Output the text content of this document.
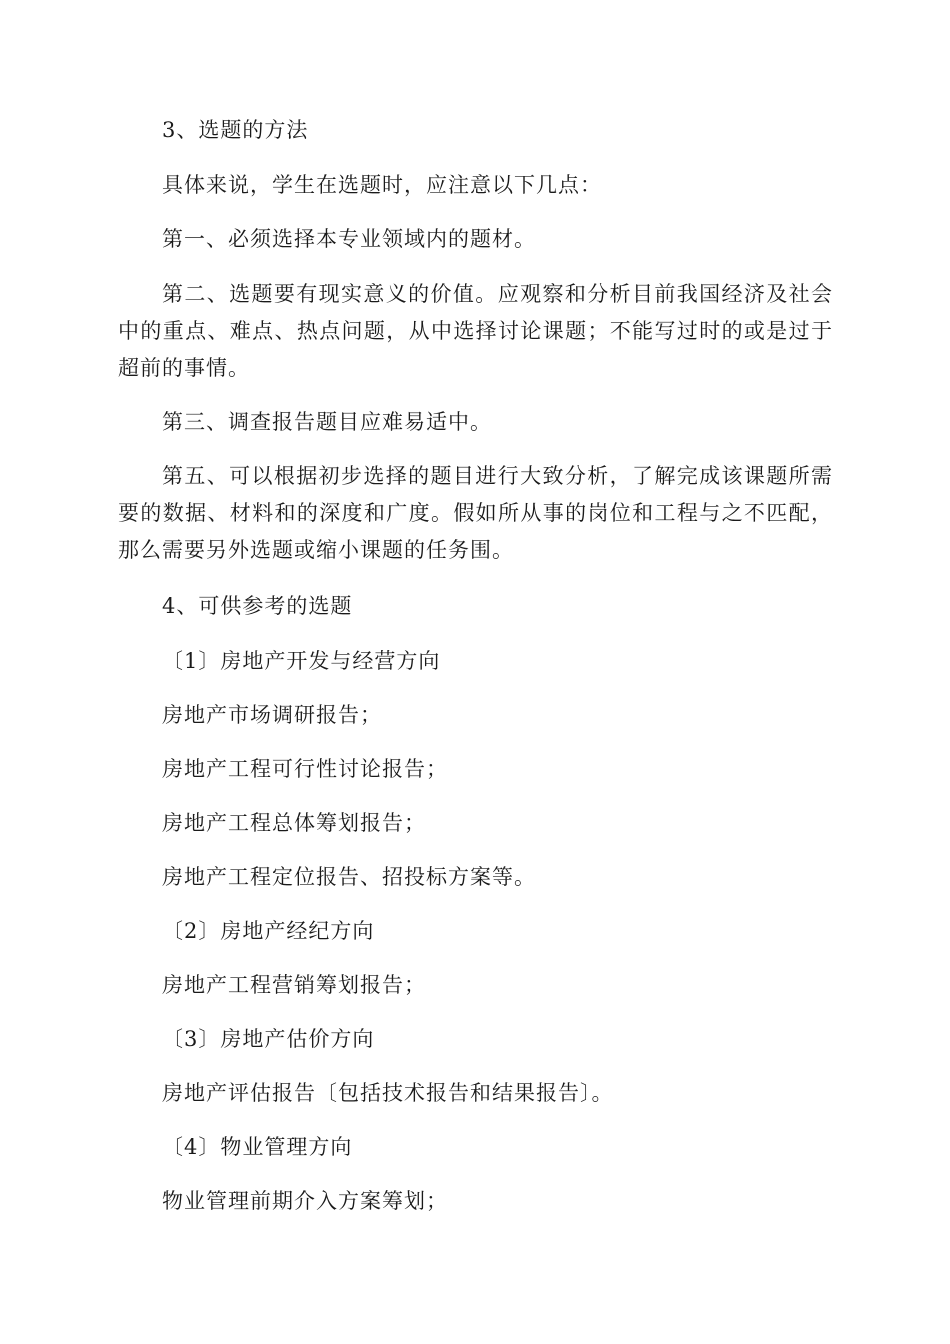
3、选题的方法

具体来说，学生在选题时，应注意以下几点：

第一、必须选择本专业领域内的题材。

第二、选题要有现实意义的价值。应观察和分析目前我国经济及社会中的重点、难点、热点问题，从中选择讨论课题；不能写过时的或是过于超前的事情。

第三、调查报告题目应难易适中。

第五、可以根据初步选择的题目进行大致分析，了解完成该课题所需要的数据、材料和的深度和广度。假如所从事的岗位和工程与之不匹配，那么需要另外选题或缩小课题的任务围。

4、可供参考的选题

〔1〕房地产开发与经营方向

房地产市场调研报告；

房地产工程可行性讨论报告；

房地产工程总体筹划报告；

房地产工程定位报告、招投标方案等。

〔2〕房地产经纪方向

房地产工程营销筹划报告；

〔3〕房地产估价方向

房地产评估报告〔包括技术报告和结果报告〕。

〔4〕物业管理方向

物业管理前期介入方案筹划；
